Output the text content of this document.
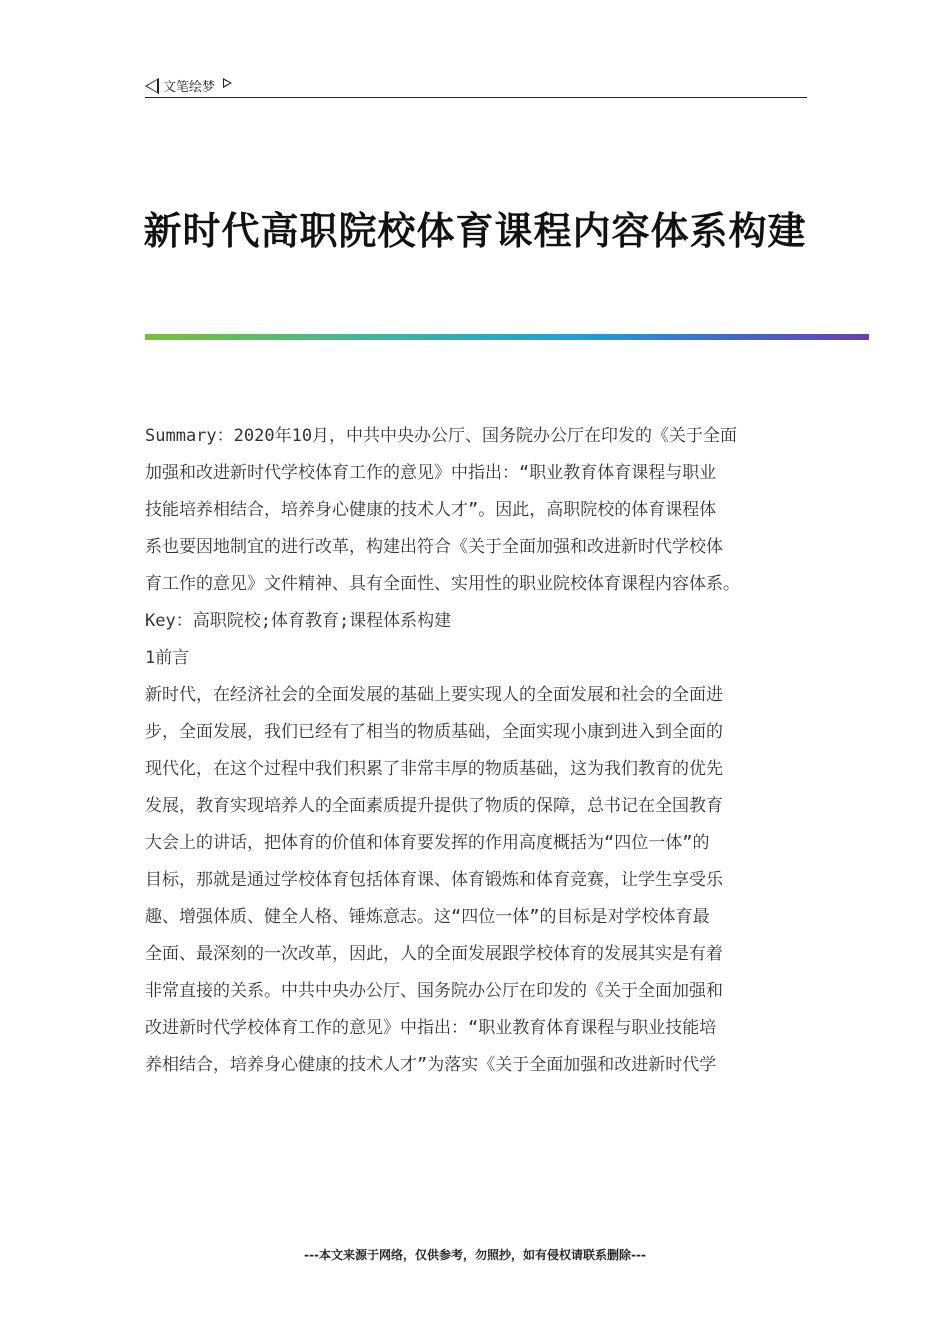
文笔绘梦
新时代高职院校体育课程内容体系构建
Summary：2020年10月，中共中央办公厅、国务院办公厅在印发的《关于全面
加强和改进新时代学校体育工作的意见》中指出：“职业教育体育课程与职业
技能培养相结合，培养身心健康的技术人才”。因此，高职院校的体育课程体
系也要因地制宜的进行改革，构建出符合《关于全面加强和改进新时代学校体
育工作的意见》文件精神、具有全面性、实用性的职业院校体育课程内容体系。
Key：高职院校;体育教育;课程体系构建
1前言
新时代，在经济社会的全面发展的基础上要实现人的全面发展和社会的全面进
步，全面发展，我们已经有了相当的物质基础，全面实现小康到进入到全面的
现代化，在这个过程中我们积累了非常丰厚的物质基础，这为我们教育的优先
发展，教育实现培养人的全面素质提升提供了物质的保障，总书记在全国教育
大会上的讲话，把体育的价值和体育要发挥的作用高度概括为“四位一体”的
目标，那就是通过学校体育包括体育课、体育锻炼和体育竞赛，让学生享受乐
趣、增强体质、健全人格、锤炼意志。这“四位一体”的目标是对学校体育最
全面、最深刻的一次改革，因此，人的全面发展跟学校体育的发展其实是有着
非常直接的关系。中共中央办公厅、国务院办公厅在印发的《关于全面加强和
改进新时代学校体育工作的意见》中指出：“职业教育体育课程与职业技能培
养相结合，培养身心健康的技术人才”为落实《关于全面加强和改进新时代学
---本文来源于网络，仅供参考，勿照抄，如有侵权请联系删除---
